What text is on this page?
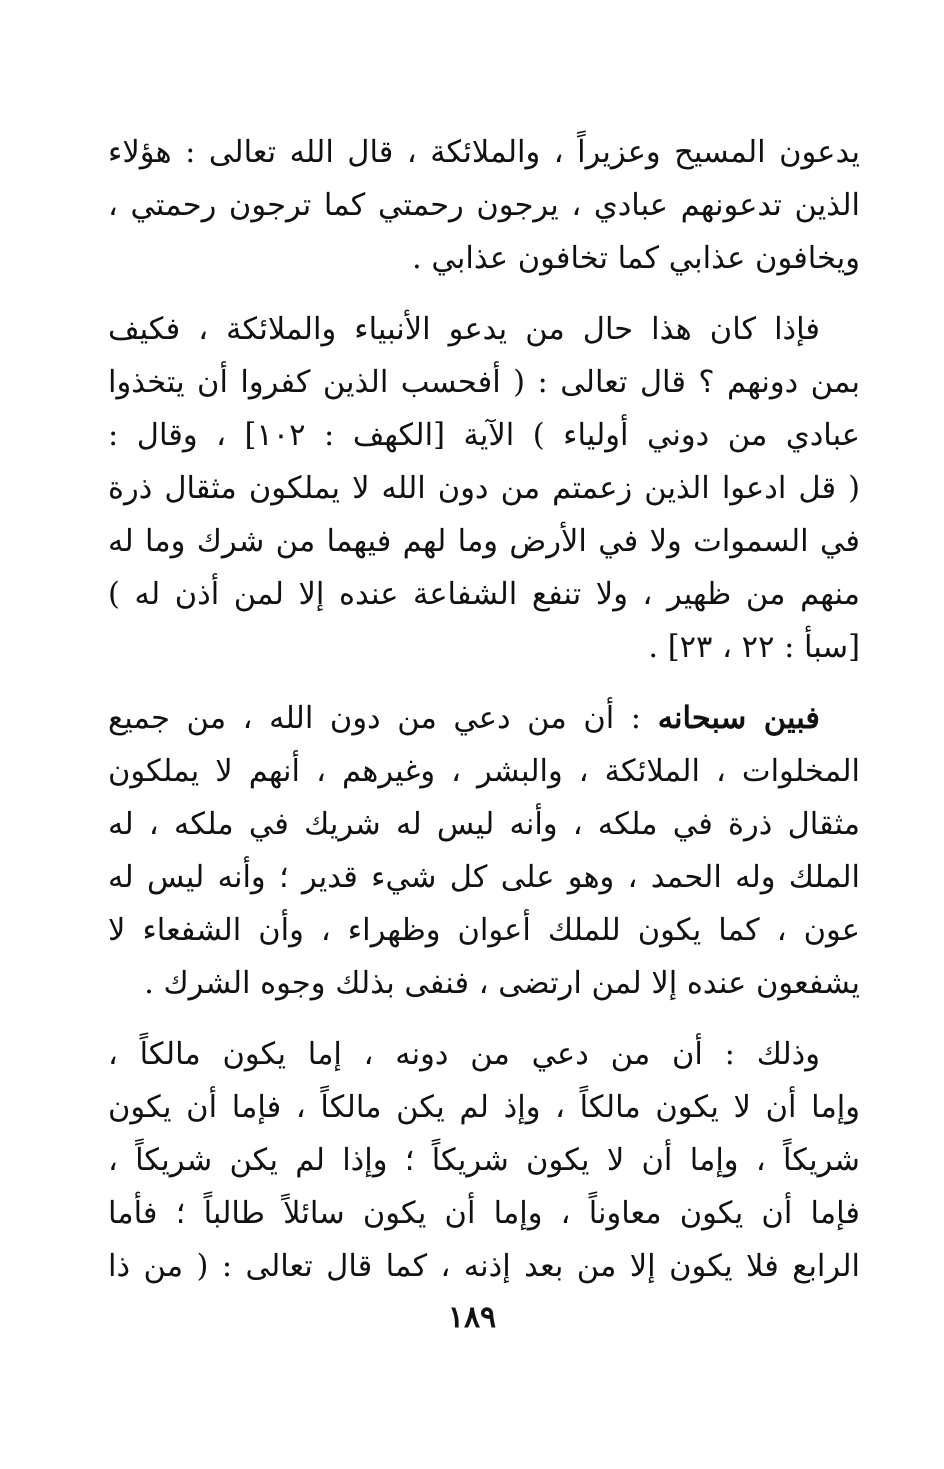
يدعون المسيح وعزيراً ، والملائكة ، قال الله تعالى : هؤلاء
الذين تدعونهم عبادي ، يرجون رحمتي كما ترجون رحمتي ،
ويخافون عذابي كما تخافون عذابي .
فإذا كان هذا حال من يدعو الأنبياء والملائكة ، فكيف
بمن دونهم ؟ قال تعالى : ( أفحسب الذين كفروا أن يتخذوا
عبادي من دوني أولياء ) الآية [الكهف : ١٠٢] ، وقال :
( قل ادعوا الذين زعمتم من دون الله لا يملكون مثقال ذرة
في السموات ولا في الأرض وما لهم فيهما من شرك وما له
منهم من ظهير ، ولا تنفع الشفاعة عنده إلا لمن أذن له )
[سبأ : ٢٢ ، ٢٣] .
فبين سبحانه : أن من دعي من دون الله ، من جميع
المخلوات ، الملائكة ، والبشر ، وغيرهم ، أنهم لا يملكون
مثقال ذرة في ملكه ، وأنه ليس له شريك في ملكه ، له
الملك وله الحمد ، وهو على كل شيء قدير ؛ وأنه ليس له
عون ، كما يكون للملك أعوان وظهراء ، وأن الشفعاء لا
يشفعون عنده إلا لمن ارتضى ، فنفى بذلك وجوه الشرك .
وذلك : أن من دعي من دونه ، إما يكون مالكاً ،
وإما أن لا يكون مالكاً ، وإذ لم يكن مالكاً ، فإما أن يكون
شريكاً ، وإما أن لا يكون شريكاً ؛ وإذا لم يكن شريكاً ،
فإما أن يكون معاوناً ، وإما أن يكون سائلاً طالباً ؛ فأما
الرابع فلا يكون إلا من بعد إذنه ، كما قال تعالى : ( من ذا
١٨٩
